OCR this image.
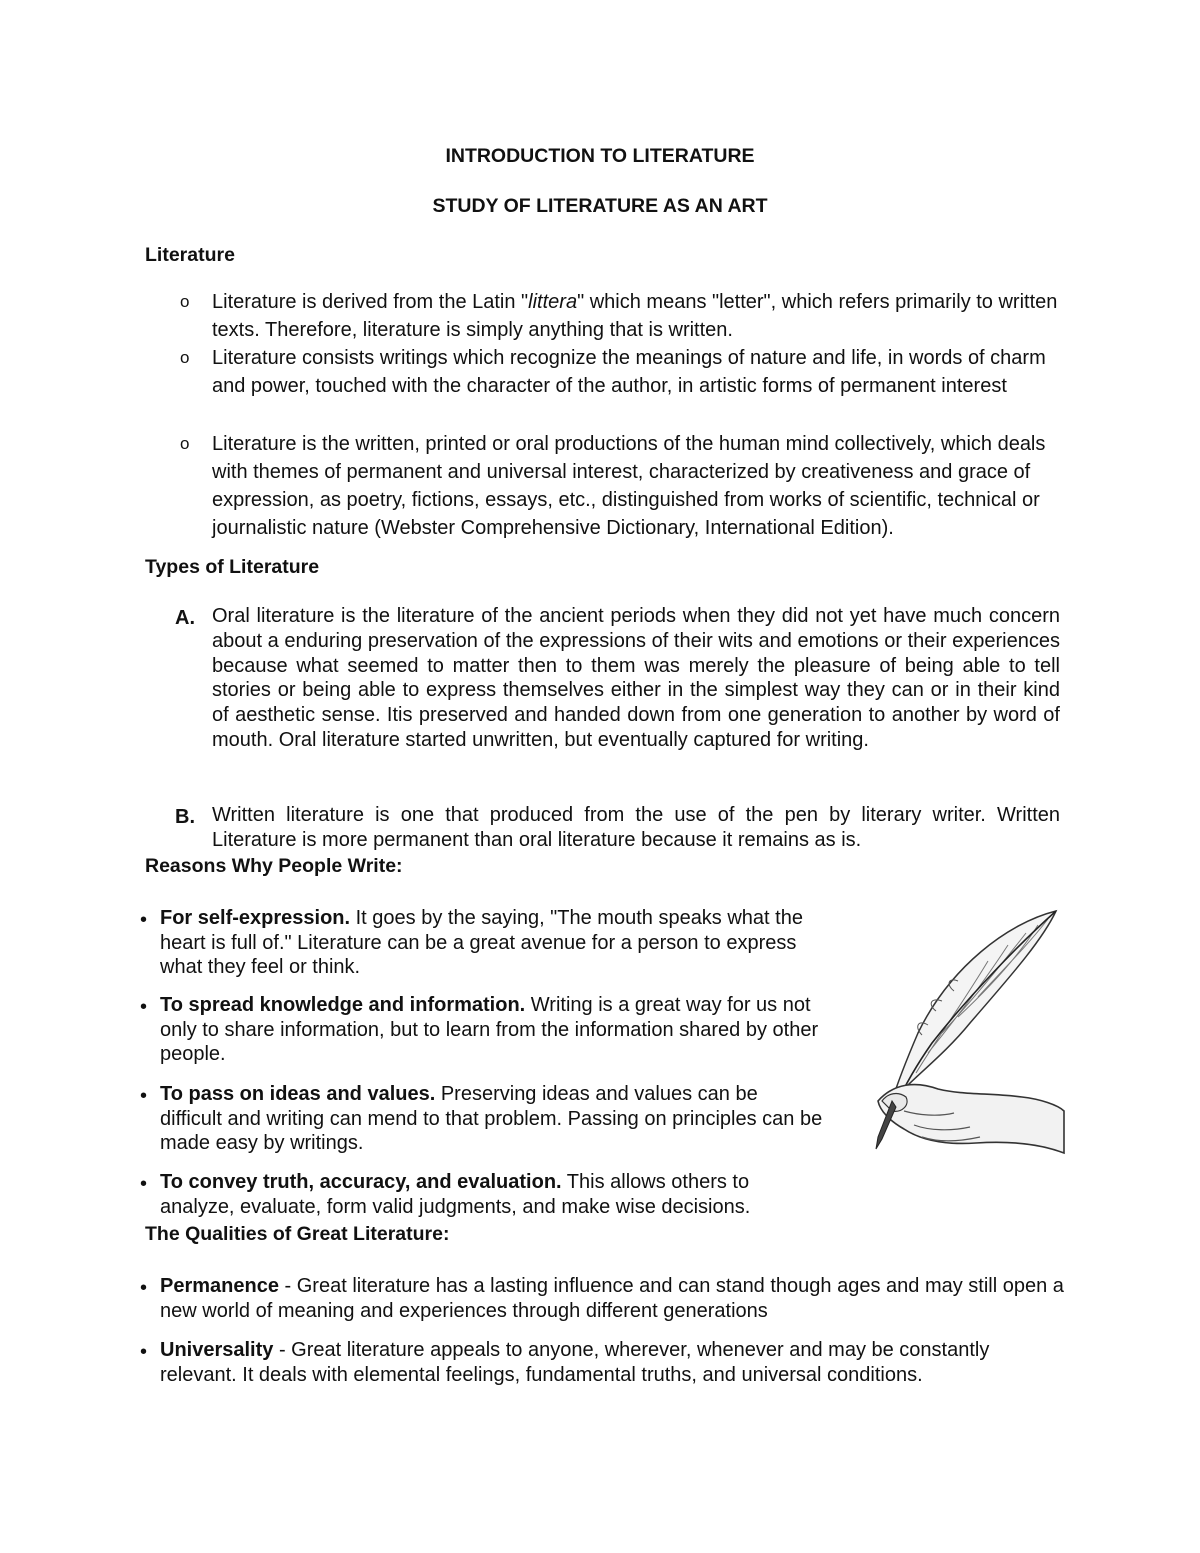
INTRODUCTION TO LITERATURE
STUDY OF LITERATURE AS AN ART
Literature
o Literature is derived from the Latin "littera" which means "letter", which refers primarily to written texts. Therefore, literature is simply anything that is written.
o Literature consists writings which recognize the meanings of nature and life, in words of charm and power, touched with the character of the author, in artistic forms of permanent interest
o Literature is the written, printed or oral productions of the human mind collectively, which deals with themes of permanent and universal interest, characterized by creativeness and grace of expression, as poetry, fictions, essays, etc., distinguished from works of scientific, technical or journalistic nature (Webster Comprehensive Dictionary, International Edition).
Types of Literature
A. Oral literature is the literature of the ancient periods when they did not yet have much concern about a enduring preservation of the expressions of their wits and emotions or their experiences because what seemed to matter then to them was merely the pleasure of being able to tell stories or being able to express themselves either in the simplest way they can or in their kind of aesthetic sense. Itis preserved and handed down from one generation to another by word of mouth. Oral literature started unwritten, but eventually captured for writing.
B. Written literature is one that produced from the use of the pen by literary writer. Written Literature is more permanent than oral literature because it remains as is.
Reasons Why People Write:
• For self-expression. It goes by the saying, "The mouth speaks what the heart is full of." Literature can be a great avenue for a person to express what they feel or think.
• To spread knowledge and information. Writing is a great way for us not only to share information, but to learn from the information shared by other people.
• To pass on ideas and values. Preserving ideas and values can be difficult and writing can mend to that problem. Passing on principles can be made easy by writings.
• To convey truth, accuracy, and evaluation. This allows others to analyze, evaluate, form valid judgments, and make wise decisions.
The Qualities of Great Literature:
• Permanence - Great literature has a lasting influence and can stand though ages and may still open a new world of meaning and experiences through different generations
• Universality - Great literature appeals to anyone, wherever, whenever and may be constantly relevant. It deals with elemental feelings, fundamental truths, and universal conditions.
